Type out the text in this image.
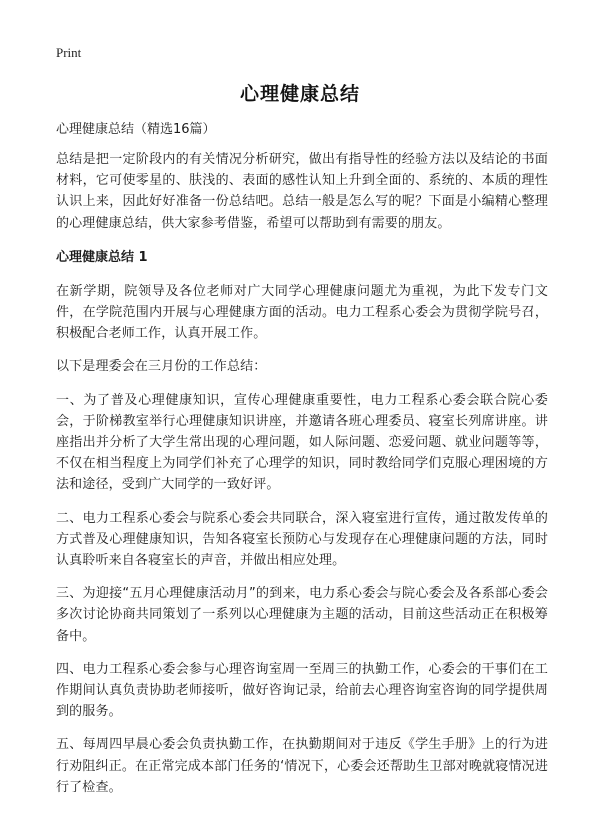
Print
心理健康总结

心理健康总结（精选16篇）

总结是把一定阶段内的有关情况分析研究，做出有指导性的经验方法以及结论的书面材料，它可使零星的、肤浅的、表面的感性认知上升到全面的、系统的、本质的理性认识上来，因此好好准备一份总结吧。总结一般是怎么写的呢？下面是小编精心整理的心理健康总结，供大家参考借鉴，希望可以帮助到有需要的朋友。

心理健康总结 1

在新学期，院领导及各位老师对广大同学心理健康问题尤为重视，为此下发专门文件，在学院范围内开展与心理健康方面的活动。电力工程系心委会为贯彻学院号召，积极配合老师工作，认真开展工作。

以下是理委会在三月份的工作总结：

一、为了普及心理健康知识，宣传心理健康重要性，电力工程系心委会联合院心委会，于阶梯教室举行心理健康知识讲座，并邀请各班心理委员、寝室长列席讲座。讲座指出并分析了大学生常出现的心理问题，如人际问题、恋爱问题、就业问题等等，不仅在相当程度上为同学们补充了心理学的知识，同时教给同学们克服心理困境的方法和途径，受到广大同学的一致好评。

二、电力工程系心委会与院系心委会共同联合，深入寝室进行宣传，通过散发传单的方式普及心理健康知识，告知各寝室长预防心与发现存在心理健康问题的方法，同时认真聆听来自各寝室长的声音，并做出相应处理。

三、为迎接“五月心理健康活动月”的到来，电力系心委会与院心委会及各系部心委会多次讨论协商共同策划了一系列以心理健康为主题的活动，目前这些活动正在积极筹备中。

四、电力工程系心委会参与心理咨询室周一至周三的执勤工作，心委会的干事们在工作期间认真负责协助老师接听，做好咨询记录，给前去心理咨询室咨询的同学提供周到的服务。

五、每周四早晨心委会负责执勤工作，在执勤期间对于违反《学生手册》上的行为进行劝阻纠正。在正常完成本部门任务的‘情况下，心委会还帮助生卫部对晚就寝情况进行了检查。
